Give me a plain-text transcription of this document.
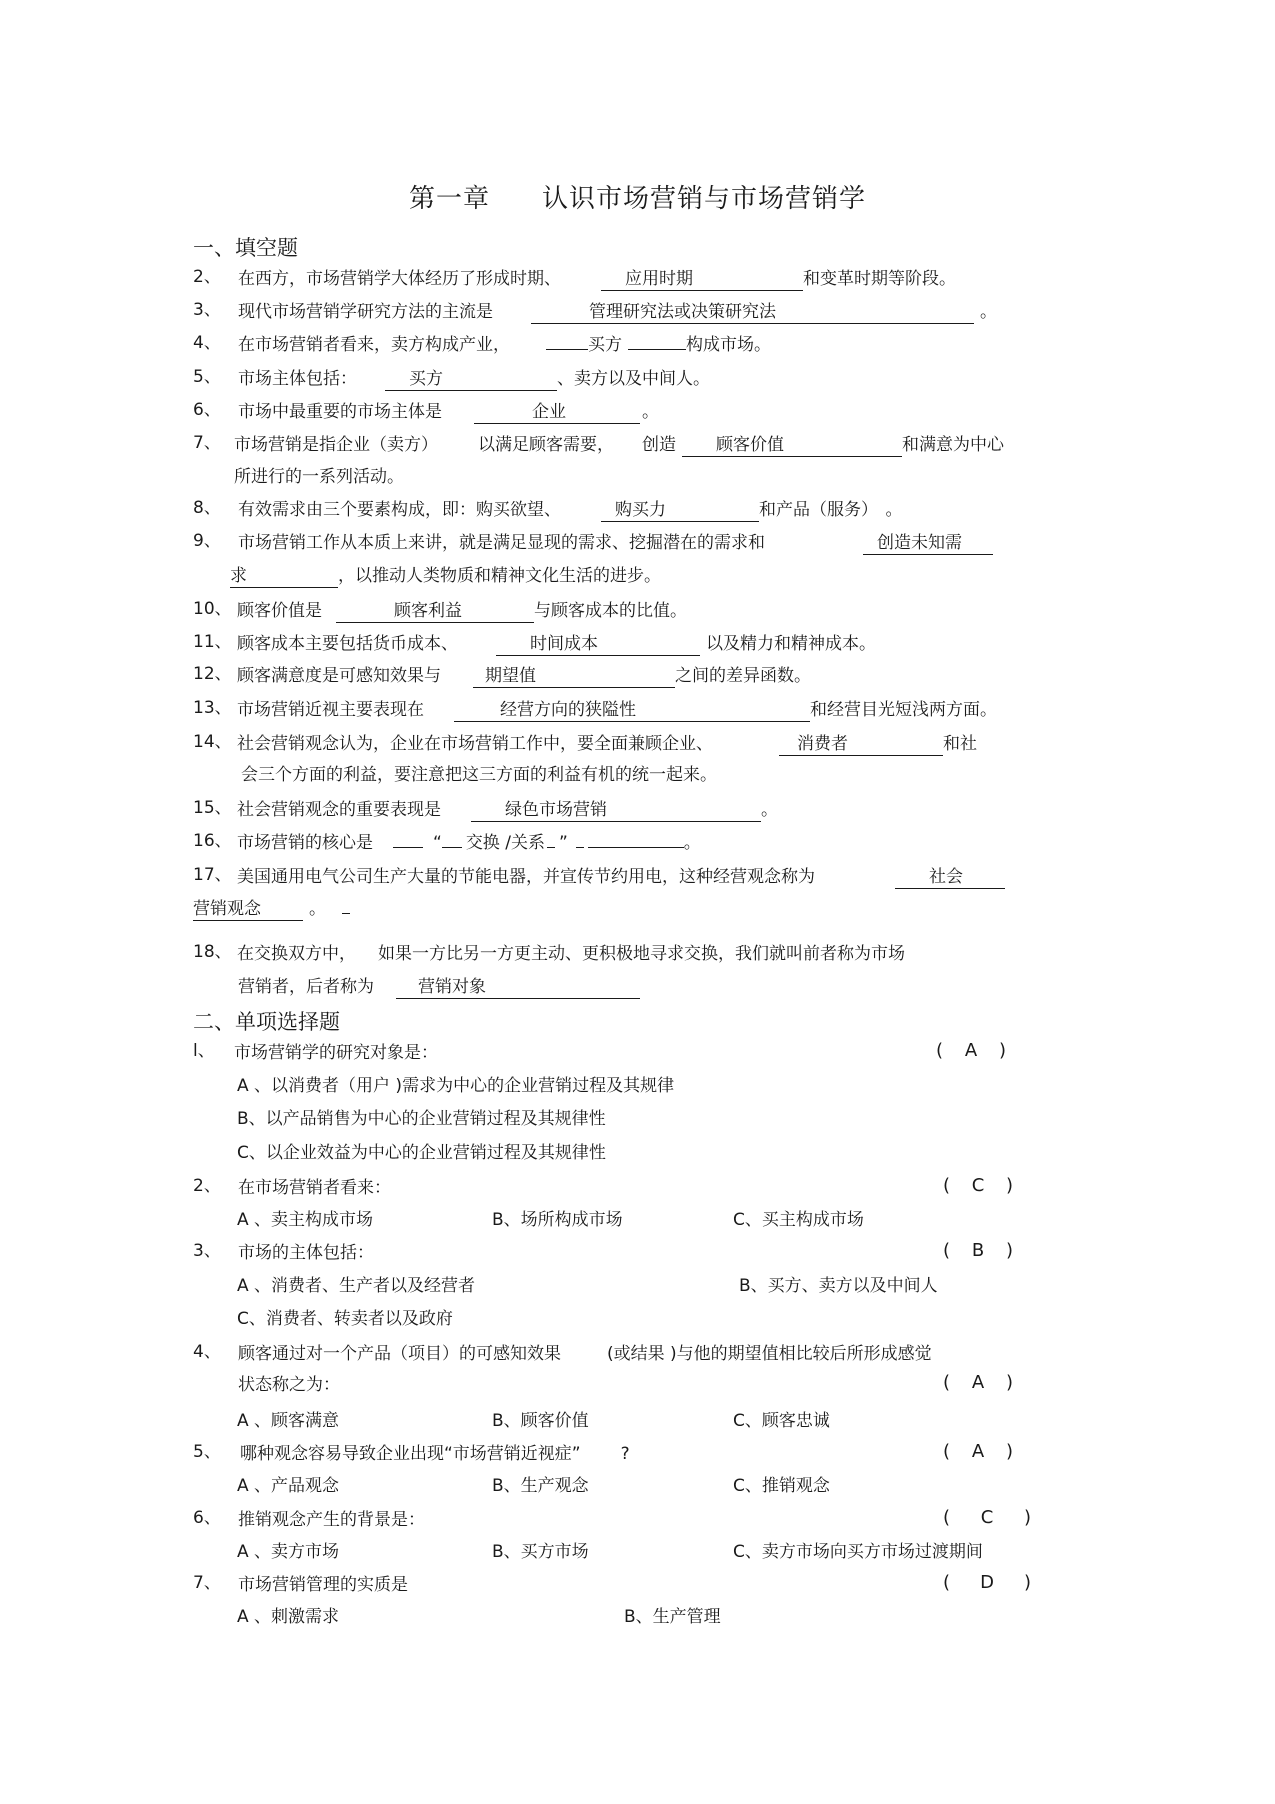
第一章 认识市场营销与市场营销学
一、填空题
2、 在西方，市场营销学大体经历了形成时期、	应用时期	和变革时期等阶段。
3、 现代市场营销学研究方法的主流是	管理研究法或决策研究法	。
4、 在市场营销者看来，卖方构成产业，	买方	构成市场。
5、 市场主体包括：	买方	、卖方以及中间人。
6、 市场中最重要的市场主体是	企业	。
7、 市场营销是指企业（卖方） 以满足顾客需要， 创造 顾客价值	和满意为中心
所进行的一系列活动。
8、 有效需求由三个要素构成，即：购买欲望、	购买力	和产品（服务） 。
9、 市场营销工作从本质上来讲，就是满足显现的需求、挖掘潜在的需求和	创造未知需
求	，以推动人类物质和精神文化生活的进步。
10、 顾客价值是	顾客利益	与顾客成本的比值。
11、 顾客成本主要包括货币成本、	时间成本	以及精力和精神成本。
12、 顾客满意度是可感知效果与	期望值	之间的差异函数。
13、 市场营销近视主要表现在	经营方向的狭隘性	和经营目光短浅两方面。
14、 社会营销观念认为，企业在市场营销工作中，要全面兼顾企业、	消费者	和社
会三个方面的利益，要注意把这三方面的利益有机的统一起来。
15、 社会营销观念的重要表现是	绿色市场营销	。
16、 市场营销的核心是	“ 交换 /关系 ”	。
17、 美国通用电气公司生产大量的节能电器，并宣传节约用电，这种经营观念称为	社会
营销观念	。
18、 在交换双方中， 如果一方比另一方更主动、更积极地寻求交换，我们就叫前者称为市场
营销者，后者称为	营销对象
二、单项选择题
l、 市场营销学的研究对象是：	( A )
A 、以消费者（用户 )需求为中心的企业营销过程及其规律
B、以产品销售为中心的企业营销过程及其规律性
C、以企业效益为中心的企业营销过程及其规律性
2、 在市场营销者看来：	( C )
A 、卖主构成市场	B、场所构成市场	C、买主构成市场
3、 市场的主体包括：	( B )
A 、消费者、生产者以及经营者	B、买方、卖方以及中间人
C、消费者、转卖者以及政府
4、 顾客通过对一个产品（项目）的可感知效果	(或结果 )与他的期望值相比较后所形成感觉
状态称之为：	( A )
A 、顾客满意	B、顾客价值	C、顾客忠诚
5、 哪种观念容易导致企业出现“市场营销近视症” ?	( A )
A 、产品观念	B、生产观念	C、推销观念
6、 推销观念产生的背景是：	( C )
A 、卖方市场	B、买方市场	C、卖方市场向买方市场过渡期间
7、 市场营销管理的实质是	( D )
A 、刺激需求	B、生产管理
